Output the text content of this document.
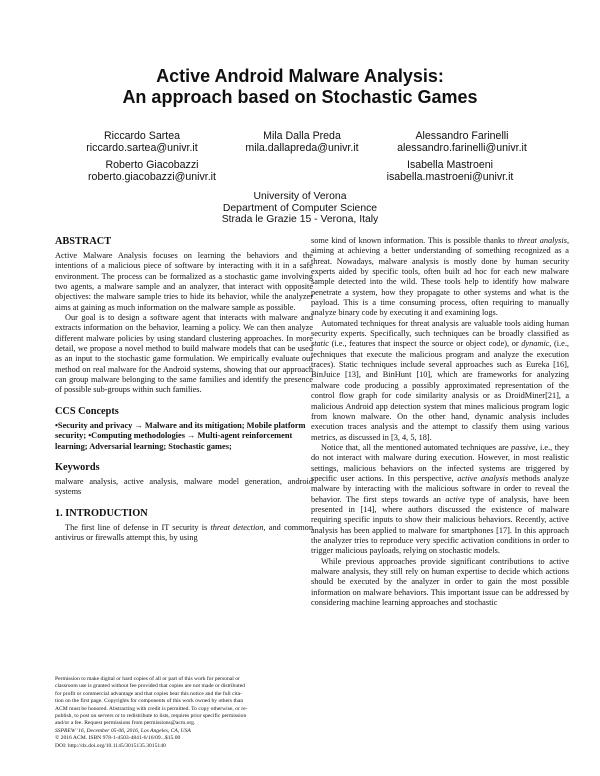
Active Android Malware Analysis:
An approach based on Stochastic Games
Riccardo Sartea
riccardo.sartea@univr.it
Mila Dalla Preda
mila.dallapreda@univr.it
Alessandro Farinelli
alessandro.farinelli@univr.it
Roberto Giacobazzi
roberto.giacobazzi@univr.it
Isabella Mastroeni
isabella.mastroeni@univr.it
University of Verona
Department of Computer Science
Strada le Grazie 15 - Verona, Italy

ABSTRACT

Active Malware Analysis focuses on learning the behaviors and the intentions of a malicious piece of software by interacting with it in a safe environment. The process can be formalized as a stochastic game involving two agents, a malware sample and an analyzer, that interact with opposite objectives: the malware sample tries to hide its behavior, while the analyzer aims at gaining as much information on the malware sample as possible.

Our goal is to design a software agent that interacts with malware and extracts information on the behavior, learning a policy. We can then analyze different malware policies by using standard clustering approaches. In more detail, we propose a novel method to build malware models that can be used as an input to the stochastic game formulation. We empirically evaluate our method on real malware for the Android systems, showing that our approach can group malware belonging to the same families and identify the presence of possible sub-groups within such families.

CCS Concepts

•Security and privacy → Malware and its mitigation; Mobile platform security; •Computing methodologies → Multi-agent reinforcement learning; Adversarial learning; Stochastic games;

Keywords

malware analysis, active analysis, malware model generation, android systems

1. INTRODUCTION

The first line of defense in IT security is threat detection, and common antivirus or firewalls attempt this, by using

Permission to make digital or hard copies of all or part of this work for personal or
classroom use is granted without fee provided that copies are not made or distributed
for profit or commercial advantage and that copies bear this notice and the full cita-
tion on the first page. Copyrights for components of this work owned by others than
ACM must be honored. Abstracting with credit is permitted. To copy otherwise, or re-
publish, to post on servers or to redistribute to lists, requires prior specific permission
and/or a fee. Request permissions from permissions@acm.org.
SSPREW '16, December 05-06, 2016, Los Angeles, CA, USA
© 2016 ACM. ISBN 978-1-4503-4841-6/16/09...$15.00
DOI: http://dx.doi.org/10.1145/3015135.3015140

some kind of known information. This is possible thanks to threat analysis, aiming at achieving a better understanding of something recognized as a threat. Nowadays, malware analysis is mostly done by human security experts aided by specific tools, often built ad hoc for each new malware sample detected into the wild. These tools help to identify how malware penetrate a system, how they propagate to other systems and what is the payload. This is a time consuming process, often requiring to manually analyze binary code by executing it and examining logs.

Automated techniques for threat analysis are valuable tools aiding human security experts. Specifically, such techniques can be broadly classified as static (i.e., features that inspect the source or object code), or dynamic, (i.e., techniques that execute the malicious program and analyze the execution traces). Static techniques include several approaches such as Eureka [16], BinJuice [13], and BinHunt [10], which are frameworks for analyzing malware code producing a possibly approximated representation of the control flow graph for code similarity analysis or as DroidMiner[21], a malicious Android app detection system that mines malicious program logic from known malware. On the other hand, dynamic analysis includes execution traces analysis and the attempt to classify them using various metrics, as discussed in [3, 4, 5, 18].

Notice that, all the mentioned automated techniques are passive, i.e., they do not interact with malware during execution. However, in most realistic settings, malicious behaviors on the infected systems are triggered by specific user actions. In this perspective, active analysis methods analyze malware by interacting with the malicious software in order to reveal the behavior. The first steps towards an active type of analysis, have been presented in [14], where authors discussed the existence of malware requiring specific inputs to show their malicious behaviors. Recently, active analysis has been applied to malware for smartphones [17]. In this approach the analyzer tries to reproduce very specific activation conditions in order to trigger malicious payloads, relying on stochastic models.

While previous approaches provide significant contributions to active malware analysis, they still rely on human expertise to decide which actions should be executed by the analyzer in order to gain the most possible information on malware behaviors. This important issue can be addressed by considering machine learning approaches and stochastic
